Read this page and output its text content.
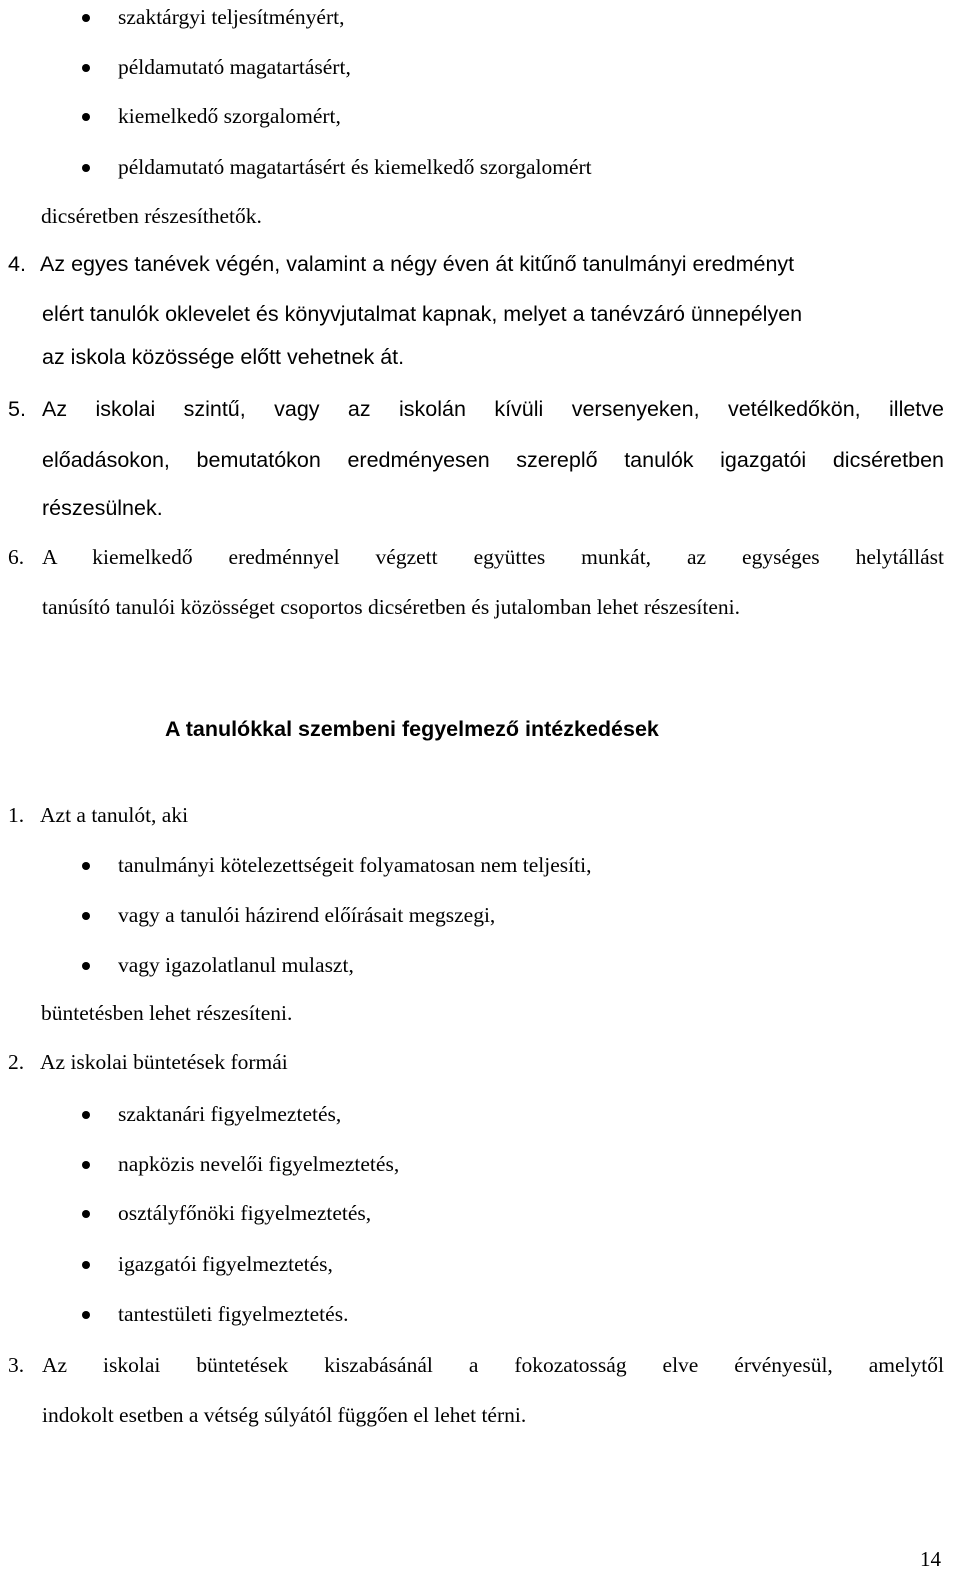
szaktárgyi teljesítményért,
példamutató magatartásért,
kiemelkedő szorgalomért,
példamutató magatartásért és kiemelkedő szorgalomért
dicséretben részesíthetők.
4. Az egyes tanévek végén, valamint a négy éven át kitűnő tanulmányi eredményt
elért tanulók oklevelet és könyvjutalmat kapnak, melyet a tanévzáró ünnepélyen
az iskola közössége előtt vehetnek át.
5. Az iskolai szintű, vagy az iskolán kívüli versenyeken, vetélkedőkön, illetve
előadásokon, bemutatókon eredményesen szereplő tanulók igazgatói dicséretben
részesülnek.
6. A kiemelkedő eredménnyel végzett együttes munkát, az egységes helytállást
tanúsító tanulói közösséget csoportos dicséretben és jutalomban lehet részesíteni.
A tanulókkal szembeni fegyelmező intézkedések
1. Azt a tanulót, aki
tanulmányi kötelezettségeit folyamatosan nem teljesíti,
vagy a tanulói házirend előírásait megszegi,
vagy igazolatlanul mulaszt,
büntetésben lehet részesíteni.
2. Az iskolai büntetések formái
szaktanári figyelmeztetés,
napközis nevelői figyelmeztetés,
osztályfőnöki figyelmeztetés,
igazgatói figyelmeztetés,
tantestületi figyelmeztetés.
3. Az iskolai büntetések kiszabásánál a fokozatosság elve érvényesül, amelytől
indokolt esetben a vétség súlyától függően el lehet térni.
14
